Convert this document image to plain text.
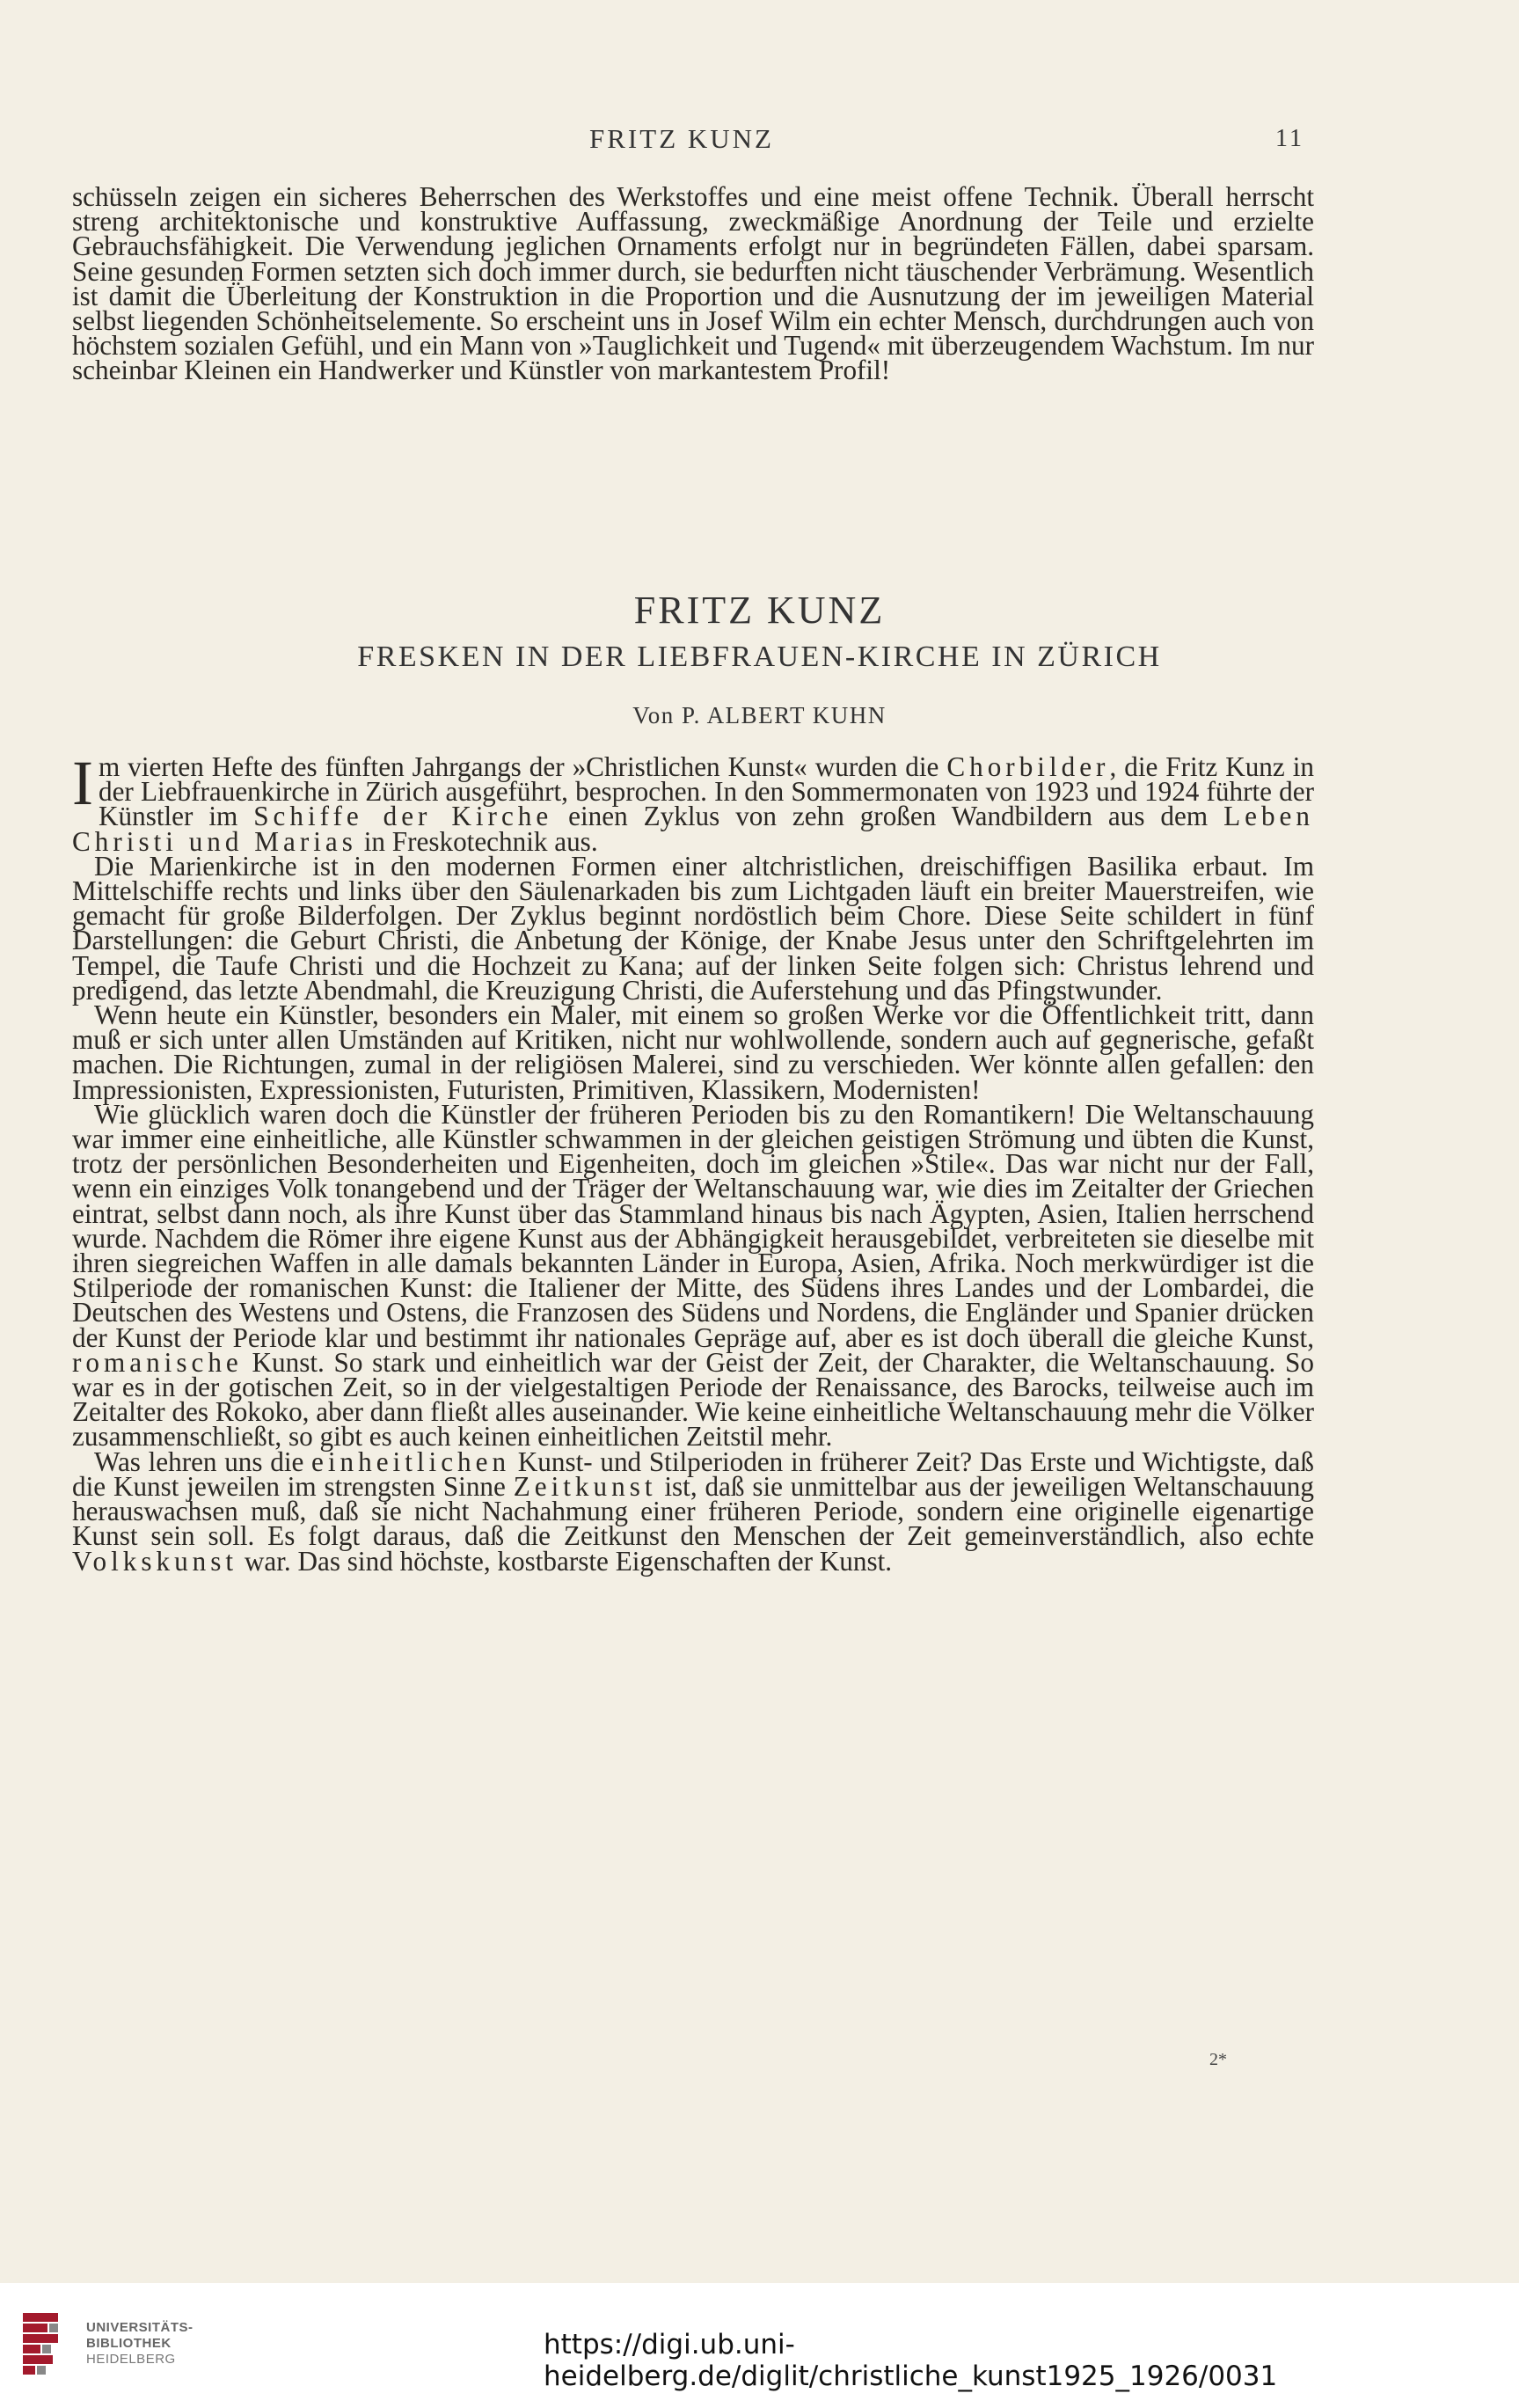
FRITZ KUNZ	11

schüsseln zeigen ein sicheres Beherrschen des Werkstoffes und eine meist offene Technik. Überall herrscht streng architektonische und konstruktive Auffassung, zweckmäßige Anordnung der Teile und erzielte Gebrauchsfähigkeit. Die Verwendung jeglichen Ornaments erfolgt nur in begründeten Fällen, dabei sparsam. Seine gesunden Formen setzten sich doch immer durch, sie bedurften nicht täuschender Verbrämung. Wesentlich ist damit die Überleitung der Konstruktion in die Proportion und die Ausnutzung der im jeweiligen Material selbst liegenden Schönheitselemente. So erscheint uns in Josef Wilm ein echter Mensch, durchdrungen auch von höchstem sozialen Gefühl, und ein Mann von »Tauglichkeit und Tugend« mit überzeugendem Wachstum. Im nur scheinbar Kleinen ein Handwerker und Künstler von markantestem Profil!

FRITZ KUNZ
FRESKEN IN DER LIEBFRAUEN-KIRCHE IN ZÜRICH
Von P. ALBERT KUHN

Im vierten Hefte des fünften Jahrgangs der »Christlichen Kunst« wurden die Chorbilder, die Fritz Kunz in der Liebfrauenkirche in Zürich ausgeführt, besprochen. In den Sommermonaten von 1923 und 1924 führte der Künstler im Schiffe der Kirche einen Zyklus von zehn großen Wandbildern aus dem Leben Christi und Marias in Freskotechnik aus.

Die Marienkirche ist in den modernen Formen einer altchristlichen, dreischiffigen Basilika erbaut. Im Mittelschiffe rechts und links über den Säulenarkaden bis zum Lichtgaden läuft ein breiter Mauerstreifen, wie gemacht für große Bilderfolgen. Der Zyklus beginnt nordöstlich beim Chore. Diese Seite schildert in fünf Darstellungen: die Geburt Christi, die Anbetung der Könige, der Knabe Jesus unter den Schriftgelehrten im Tempel, die Taufe Christi und die Hochzeit zu Kana; auf der linken Seite folgen sich: Christus lehrend und predigend, das letzte Abendmahl, die Kreuzigung Christi, die Auferstehung und das Pfingstwunder.

Wenn heute ein Künstler, besonders ein Maler, mit einem so großen Werke vor die Öffentlichkeit tritt, dann muß er sich unter allen Umständen auf Kritiken, nicht nur wohlwollende, sondern auch auf gegnerische, gefaßt machen. Die Richtungen, zumal in der religiösen Malerei, sind zu verschieden. Wer könnte allen gefallen: den Impressionisten, Expressionisten, Futuristen, Primitiven, Klassikern, Modernisten!

Wie glücklich waren doch die Künstler der früheren Perioden bis zu den Romantikern! Die Weltanschauung war immer eine einheitliche, alle Künstler schwammen in der gleichen geistigen Strömung und übten die Kunst, trotz der persönlichen Besonderheiten und Eigenheiten, doch im gleichen »Stile«. Das war nicht nur der Fall, wenn ein einziges Volk tonangebend und der Träger der Weltanschauung war, wie dies im Zeitalter der Griechen eintrat, selbst dann noch, als ihre Kunst über das Stammland hinaus bis nach Ägypten, Asien, Italien herrschend wurde. Nachdem die Römer ihre eigene Kunst aus der Abhängigkeit herausgebildet, verbreiteten sie dieselbe mit ihren siegreichen Waffen in alle damals bekannten Länder in Europa, Asien, Afrika. Noch merkwürdiger ist die Stilperiode der romanischen Kunst: die Italiener der Mitte, des Südens ihres Landes und der Lombardei, die Deutschen des Westens und Ostens, die Franzosen des Südens und Nordens, die Engländer und Spanier drücken der Kunst der Periode klar und bestimmt ihr nationales Gepräge auf, aber es ist doch überall die gleiche Kunst, romanische Kunst. So stark und einheitlich war der Geist der Zeit, der Charakter, die Weltanschauung. So war es in der gotischen Zeit, so in der vielgestaltigen Periode der Renaissance, des Barocks, teilweise auch im Zeitalter des Rokoko, aber dann fließt alles auseinander. Wie keine einheitliche Weltanschauung mehr die Völker zusammenschließt, so gibt es auch keinen einheitlichen Zeitstil mehr.

Was lehren uns die einheitlichen Kunst- und Stilperioden in früherer Zeit? Das Erste und Wichtigste, daß die Kunst jeweilen im strengsten Sinne Zeitkunst ist, daß sie unmittelbar aus der jeweiligen Weltanschauung herauswachsen muß, daß sie nicht Nachahmung einer früheren Periode, sondern eine originelle eigenartige Kunst sein soll. Es folgt daraus, daß die Zeitkunst den Menschen der Zeit gemeinverständlich, also echte Volkskunst war. Das sind höchste, kostbarste Eigenschaften der Kunst.

2*
UNIVERSITÄTS-
BIBLIOTHEK
HEIDELBERG	https://digi.ub.uni-heidelberg.de/diglit/christliche_kunst1925_1926/0031
